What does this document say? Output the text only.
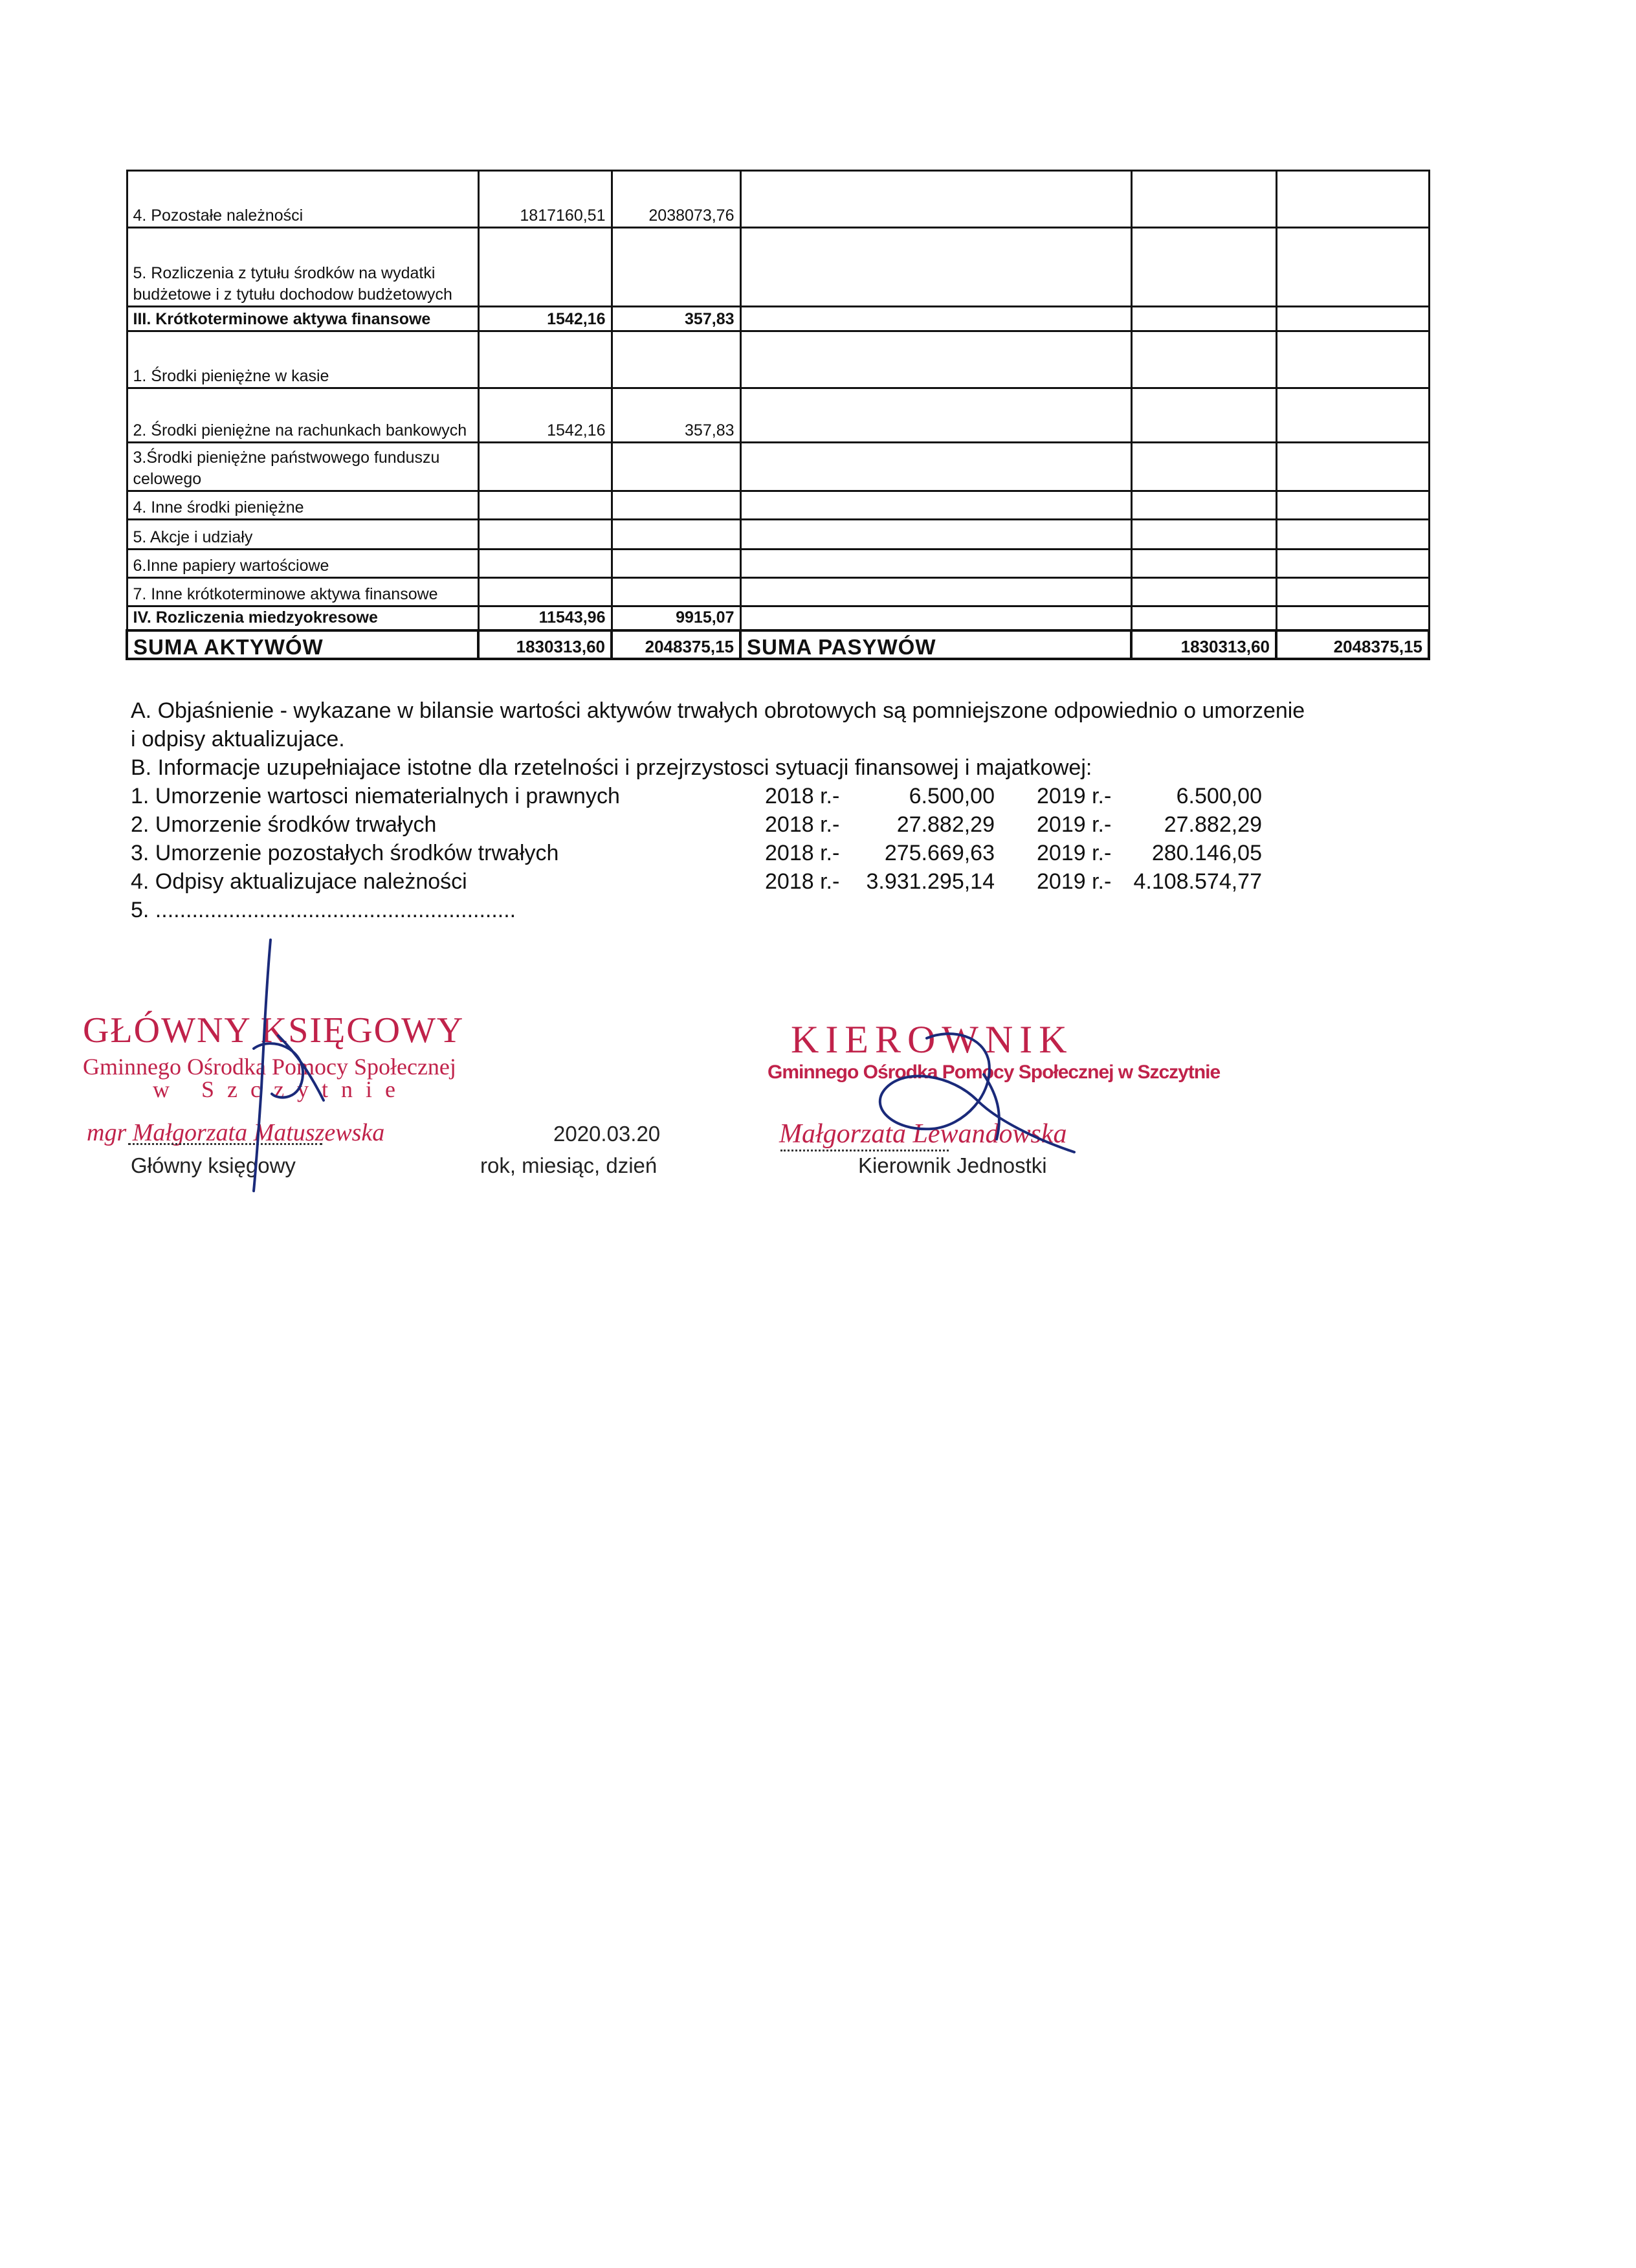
4. Pozostałe należności	1817160,51	2038073,76			
5. Rozliczenia z tytułu środków na wydatki budżetowe i z tytułu dochodow budżetowych					
III. Krótkoterminowe aktywa finansowe	1542,16	357,83			
1. Środki pieniężne w kasie					
2. Środki pieniężne na rachunkach bankowych	1542,16	357,83			
3.Środki pieniężne państwowego funduszu celowego					
4. Inne środki pieniężne					
5. Akcje i udziały					
6.Inne papiery wartościowe					
7. Inne krótkoterminowe aktywa finansowe					
IV. Rozliczenia miedzyokresowe	11543,96	9915,07			
SUMA AKTYWÓW	1830313,60	2048375,15	SUMA PASYWÓW	1830313,60	2048375,15

A. Objaśnienie - wykazane w bilansie wartości aktywów trwałych obrotowych są pomniejszone odpowiednio o umorzenie

i odpisy aktualizujace.

B. Informacje uzupełniajace istotne dla rzetelności i przejrzystosci sytuacji finansowej i majatkowej:

1. Umorzenie wartosci niematerialnych i prawnych	2018 r.-	6.500,00 2019 r.-	6.500,00
2. Umorzenie środków trwałych	2018 r.-	27.882,29 2019 r.-	27.882,29
3. Umorzenie pozostałych środków trwałych	2018 r.-	275.669,63 2019 r.-	280.146,05
4. Odpisy aktualizujace należności	2018 r.-	3.931.295,14 2019 r.-	4.108.574,77

5. ...........................................................

GŁÓWNY KSIĘGOWY
Gminnego Ośrodka Pomocy Społecznej
w Szczytnie
mgr Małgorzata Matuszewska
Główny księgowy
2020.03.20
rok, miesiąc, dzień
KIEROWNIK
Gminnego Ośrodka Pomocy Społecznej w Szczytnie
Małgorzata Lewandowska
Kierownik Jednostki
